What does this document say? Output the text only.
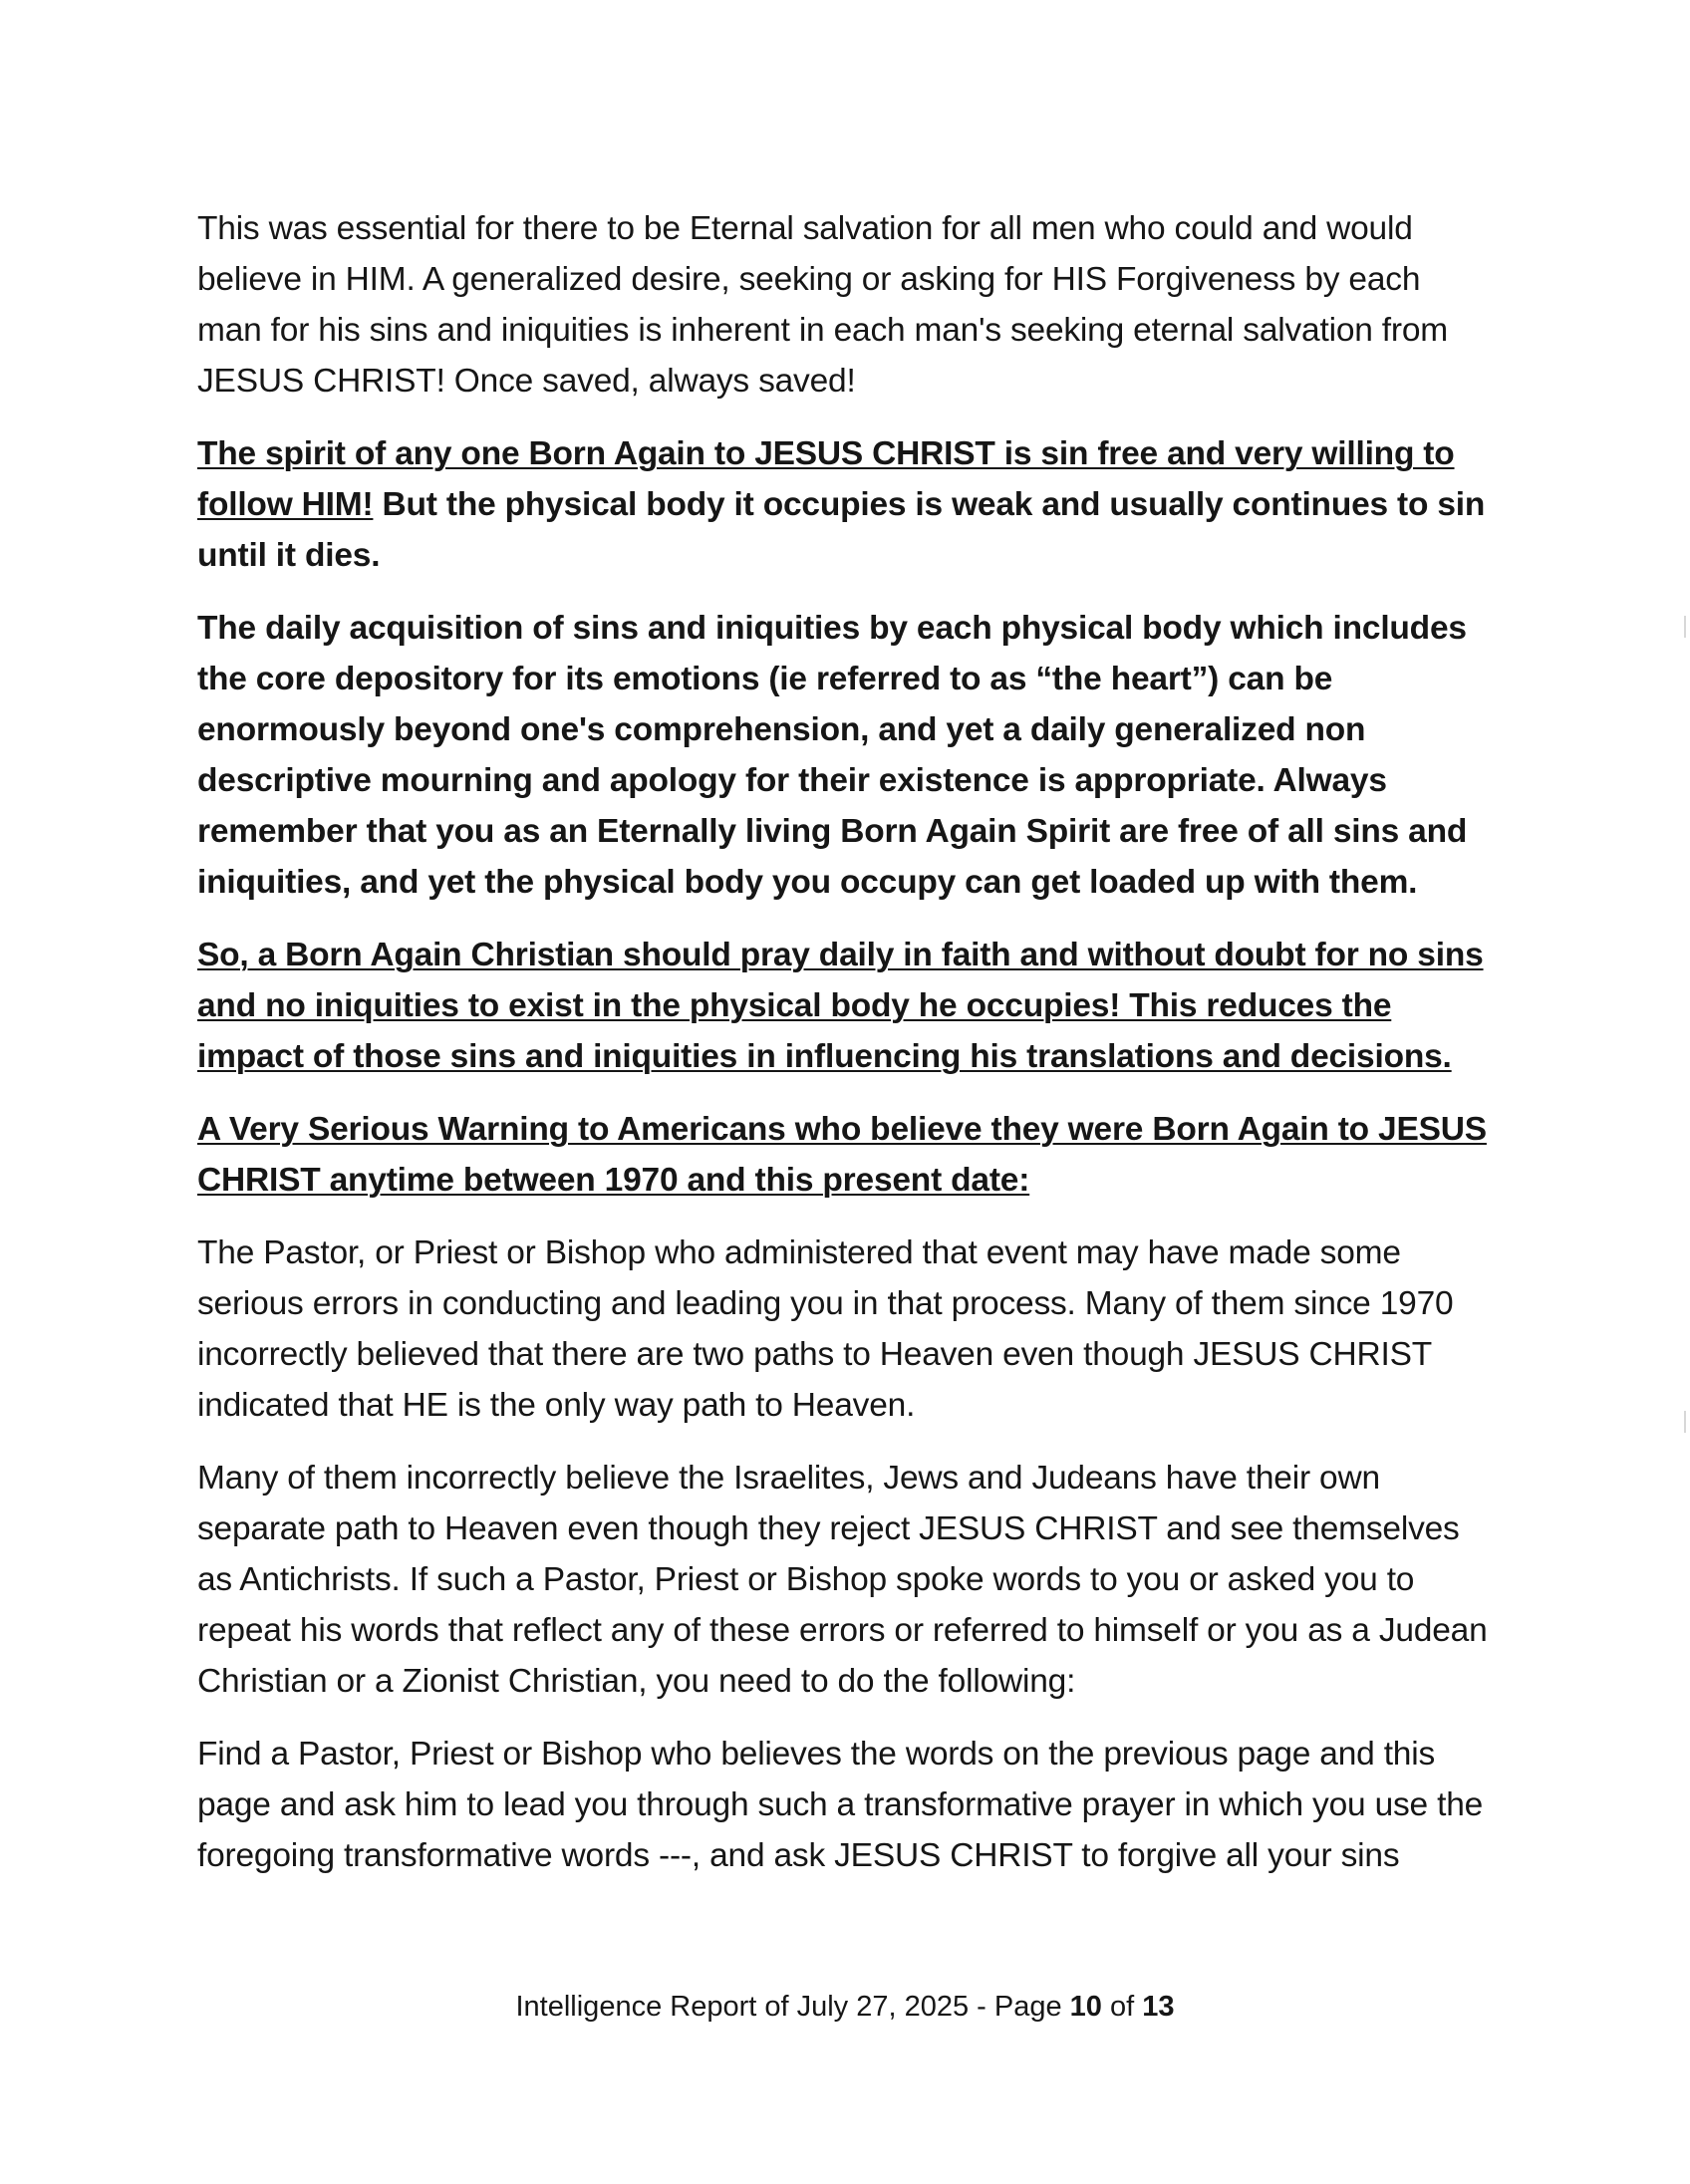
This was essential for there to be Eternal salvation for all men who could and would believe in HIM. A generalized desire, seeking or asking for HIS Forgiveness by each man for his sins and iniquities is inherent in each man's seeking eternal salvation from JESUS CHRIST! Once saved, always saved!

The spirit of any one Born Again to JESUS CHRIST is sin free and very willing to follow HIM! But the physical body it occupies is weak and usually continues to sin until it dies.

The daily acquisition of sins and iniquities by each physical body which includes the core depository for its emotions (ie referred to as “the heart”) can be enormously beyond one's comprehension, and yet a daily generalized non descriptive mourning and apology for their existence is appropriate. Always remember that you as an Eternally living Born Again Spirit are free of all sins and iniquities, and yet the physical body you occupy can get loaded up with them.

So, a Born Again Christian should pray daily in faith and without doubt for no sins and no iniquities to exist in the physical body he occupies! This reduces the impact of those sins and iniquities in influencing his translations and decisions.

A Very Serious Warning to Americans who believe they were Born Again to JESUS CHRIST anytime between 1970 and this present date:

The Pastor, or Priest or Bishop who administered that event may have made some serious errors in conducting and leading you in that process. Many of them since 1970 incorrectly believed that there are two paths to Heaven even though JESUS CHRIST indicated that HE is the only way path to Heaven.

Many of them incorrectly believe the Israelites, Jews and Judeans have their own separate path to Heaven even though they reject JESUS CHRIST and see themselves as Antichrists. If such a Pastor, Priest or Bishop spoke words to you or asked you to repeat his words that reflect any of these errors or referred to himself or you as a Judean Christian or a Zionist Christian, you need to do the following:

Find a Pastor, Priest or Bishop who believes the words on the previous page and this page and ask him to lead you through such a transformative prayer in which you use the foregoing transformative words ---, and ask JESUS CHRIST to forgive all your sins

Intelligence Report of July 27, 2025 - Page 10 of 13
